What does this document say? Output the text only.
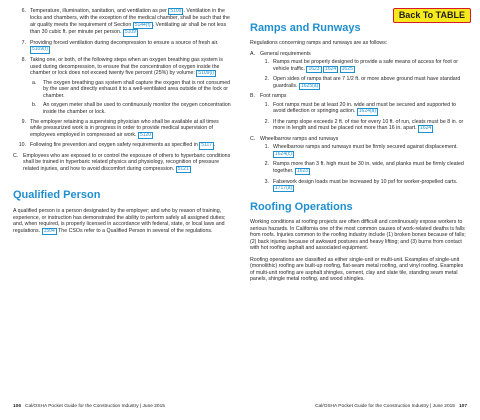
Back To TABLE
6. Temperature, illumination, sanitation, and ventilation as per 5109 . Ventilation in the locks and chambers, with the exception of the medical chamber, shall be such that the air quality meets the requirement of Section 5144(f) . Ventilating air shall be not less than 30 cubic ft. per minute per person. 5109
7. Providing forced ventilation during decompression to ensure a source of fresh air. 5109(f)
8. Taking one, or both, of the following steps when an oxygen breathing gas system is used during decompression, to ensure that the concentration of oxygen inside the chamber or lock does not exceed twenty five percent (25%) by volume: 5109(l)
a. The oxygen breathing gas system shall capture the oxygen that is not consumed by the user and directly exhaust it to a well-ventilated area outside of the lock or chamber.
b. An oxygen meter shall be used to continuously monitor the oxygen concentration inside the chamber or lock.
9. The employer retaining a supervising physician who shall be available at all times while pressurized work is in progress in order to provide medical supervision of employees employed in compressed air work. 5120
10. Following fire prevention and oxygen safety requirements as specified in 5117 .
C. Employees who are exposed to or control the exposure of others to hyperbaric conditions shall be trained in hyperbaric related physics and physiology, recognition of pressure related injuries, and how to avoid discomfort during compression. 5121
Qualified Person

A qualified person is a person designated by the employer; and who by reason of training, experience, or instruction has demonstrated the ability to perform safely all assigned duties; and, when required, is properly licensed in accordance with federal, state, or local laws and regulations. 1504 The CSOs refer to a Qualified Person in several of the regulations.

Ramps and Runways

Regulations concerning ramps and runways are as follows:

A. General requirements
1. Ramps must be properly designed to provide a safe means of access for foot or vehicle traffic. 1623 1624 1625
2. Open sides of ramps that are 7 1/2 ft. or more above ground must have standard guardrails. 1625(a)
B. Foot ramps
1. Foot ramps must be at least 20 in. wide and must be secured and supported to avoid deflection or springing action. 1624(a)
2. If the ramp slope exceeds 2 ft. of rise for every 10 ft. of run, cleats must be 8 in. or more in length and must be placed not more than 16 in. apart. 1624
C. Wheelbarrow ramps and runways
1. Wheelbarrow ramps and runways must be firmly secured against displacement. 1624(c)
2. Ramps more than 3 ft. high must be 30 in. wide, and planks must be firmly cleated together. 1623
3. Falsework design loads must be increased by 10 psf for worker-propelled carts. 1717(a)
Roofing Operations

Working conditions at roofing projects are often difficult and continuously expose workers to serious hazards. In California one of the most common causes of work-related deaths is falls from roofs. Injuries common to the roofing industry include (1) broken bones because of falls; (2) back injuries because of awkward postures and heavy lifting; and (3) burns from contact with hot roofing asphalt and associated equipment.

Roofing operations are classified as either single-unit or multi-unit. Examples of single-unit (monolithic) roofing are built-up roofing, flat-seam metal roofing, and vinyl roofing. Examples of multi-unit roofing are asphalt shingles, cement, clay and slate tile, standing seam metal panels, shingle metal roofing, and wood shingles.

106 Cal/OSHA Pocket Guide for the Construction Industry | June 2015	Cal/OSHA Pocket Guide for the Construction Industry | June 2015 107
